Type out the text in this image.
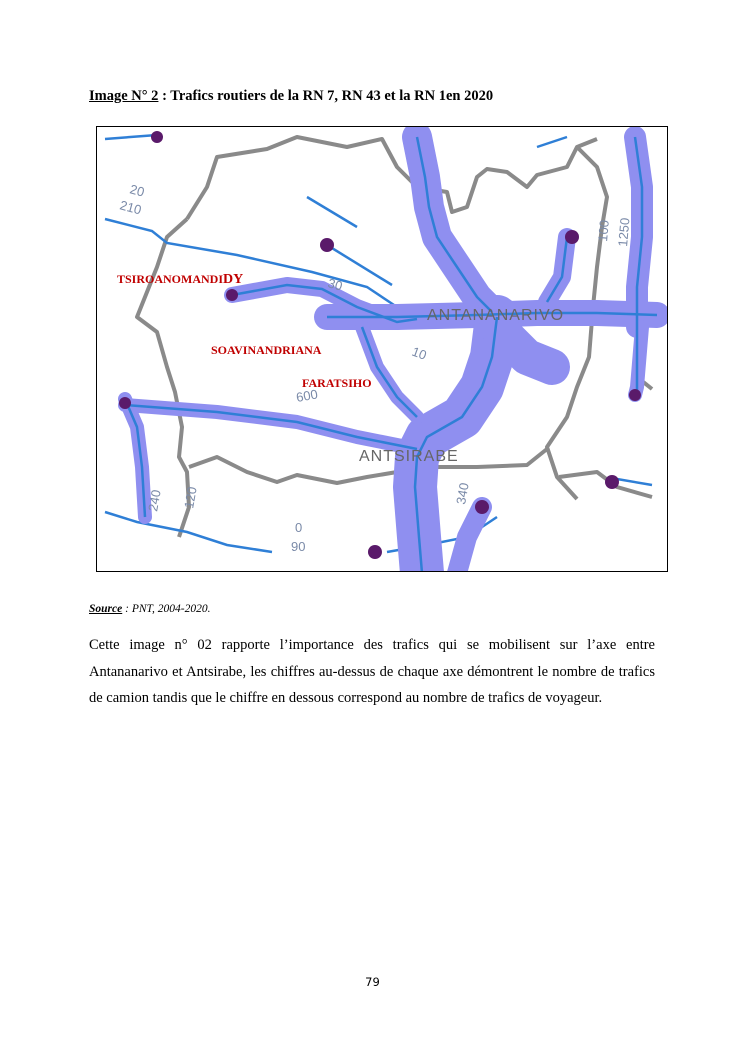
Image N° 2 : Trafics routiers de la RN 7, RN 43 et la RN 1en 2020
ANTANANARIVO
ANTSIRABE
20
210
30
10
600
240 120
0
90
100 1250
340
TSIROANOMANDIDY
SOAVINANDRIANA
FARATSIHO
Source : PNT, 2004-2020.
Cette image n° 02 rapporte l’importance des trafics qui se mobilisent sur l’axe entre Antananarivo et Antsirabe, les chiffres au-dessus de chaque axe démontrent le nombre de trafics de camion tandis que le chiffre en dessous correspond au nombre de trafics de voyageur.
79
